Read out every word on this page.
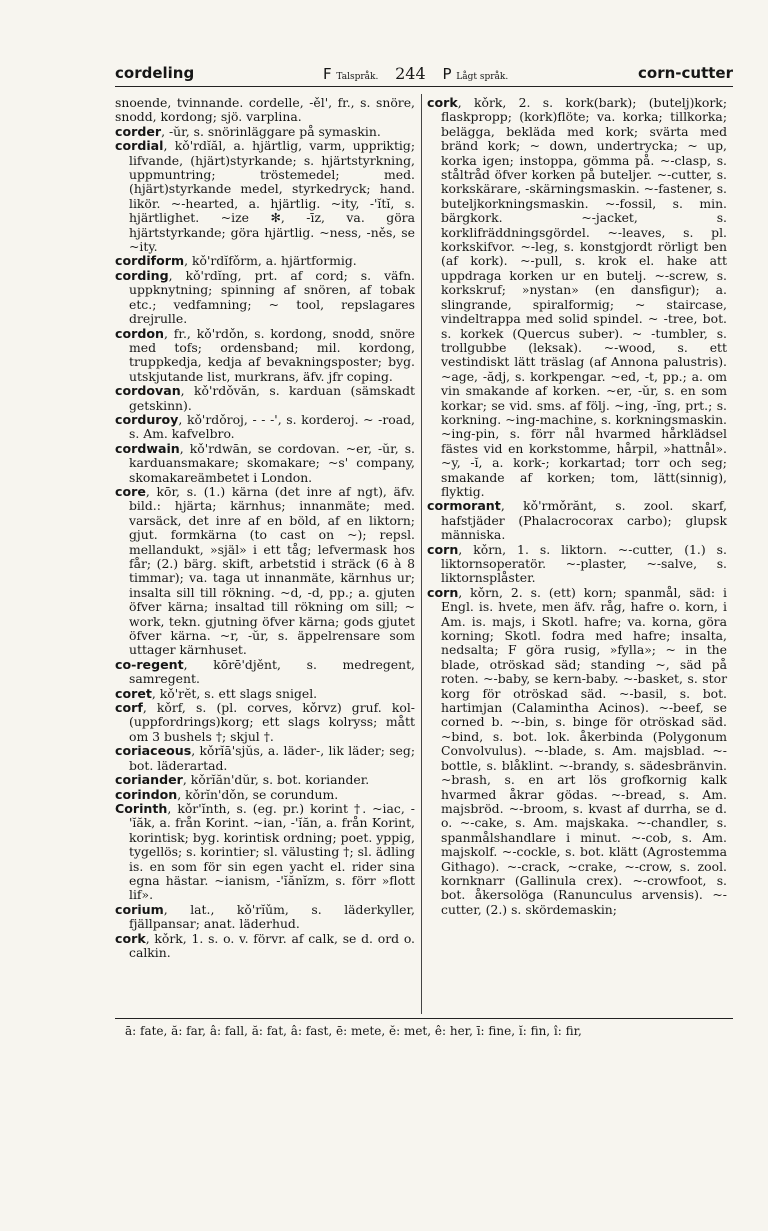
cordeling	F Talspråk. 244 P Lågt språk.	corn-cutter

snoende, tvinnande. cordelle, -ěl', fr., s. snöre, snodd, kordong; sjö. varplina.

corder, -ŭr, s. snörinläggare på symaskin.

cordial, kǒ'rdĭăl, a. hjärtlig, varm, uppriktig; lifvande, (hjärt)styrkande; s. hjärtstyrkning, uppmuntring; tröstemedel; med. (hjärt)styrkande medel, styrkedryck; hand. likör. ~-hearted, a. hjärtlig. ~ity, -'ĭtĭ, s. hjärtlighet. ~ize ✻, -īz, va. göra hjärtstyrkande; göra hjärtlig. ~ness, -něs, se ~ity.

cordiform, kǒ'rdĭfǒrm, a. hjärtformig.

cording, kǒ'rdĭng, prt. af cord; s. väfn. uppknytning; spinning af snören, af tobak etc.; vedfamning; ~ tool, repslagares drejrulle.

cordon, fr., kǒ'rdǒn, s. kordong, snodd, snöre med tofs; ordensband; mil. kordong, truppkedja, kedja af bevakningsposter; byg. utskjutande list, murkrans, äfv. jfr coping.

cordovan, kǒ'rdǒvăn, s. karduan (sämskadt getskinn).

corduroy, kǒ'rdǒroj, - - -', s. korderoj. ~ -road, s. Am. kafvelbro.

cordwain, kǒ'rdwān, se cordovan. ~er, -ŭr, s. karduansmakare; skomakare; ~s' company, skomakareämbetet i London.

core, kōr, s. (1.) kärna (det inre af ngt), äfv. bild.: hjärta; kärnhus; innanmäte; med. varsäck, det inre af en böld, af en liktorn; gjut. formkärna (to cast on ~); repsl. mellandukt, »själ» i ett tåg; lefvermask hos får; (2.) bärg. skift, arbetstid i sträck (6 à 8 timmar); va. taga ut innanmäte, kärnhus ur; insalta sill till rökning. ~d, -d, pp.; a. gjuten öfver kärna; insaltad till rökning om sill; ~ work, tekn. gjutning öfver kärna; gods gjutet öfver kärna. ~r, -ŭr, s. äppelrensare som uttager kärnhuset.

co-regent, kōrē'djěnt, s. medregent, samregent.

coret, kǒ'rĕt, s. ett slags snigel.

corf, kǒrf, s. (pl. corves, kǒrvz) gruf. kol- (uppfordrings)korg; ett slags kolryss; mått om 3 bushels †; skjul †.

coriaceous, kǒrĭā'sjŭs, a. läder-, lik läder; seg; bot. läderartad.

coriander, kǒrĭăn'dŭr, s. bot. koriander.

corindon, kǒrĭn'dǒn, se corundum.

Corinth, kǒr'ĭnth, s. (eg. pr.) korint †. ~iac, -'ĭăk, a. från Korint. ~ian, -'ĭăn, a. från Korint, korintisk; byg. korintisk ordning; poet. yppig, tygellös; s. korintier; sl. välusting †; sl. ädling is. en som för sin egen yacht el. rider sina egna hästar. ~ianism, -'ĭănĭzm, s. förr »flott lif».

corium, lat., kǒ'rĭǔm, s. läderkyller, fjällpansar; anat. läderhud.

cork, kǒrk, 1. s. o. v. förvr. af calk, se d. ord o. calkin.

cork, kǒrk, 2. s. kork(bark); (butelj)kork; flaskpropp; (kork)flöte; va. korka; tillkorka; belägga, beklädа med kork; svärta med bränd kork; ~ down, undertrycka; ~ up, korka igen; instoppa, gömma på. ~-clasp, s. ståltråd öfver korken på buteljer. ~-cutter, s. korkskärare, -skärningsmaskin. ~-fastener, s. buteljkorkningsmaskin. ~-fossil, s. min. bärgkork. ~-jacket, s. korklifräddningsgördel. ~-leaves, s. pl. korkskifvor. ~-leg, s. konstgjordt rörligt ben (af kork). ~-pull, s. krok el. hake att uppdraga korken ur en butelj. ~-screw, s. korkskruf; »nystan» (en dansfigur); a. slingrande, spiralformig; ~ staircase, vindeltrappa med solid spindel. ~ -tree, bot. s. korkek (Quercus suber). ~ -tumbler, s. trollgubbe (leksak). ~-wood, s. ett vestindiskt lätt träslag (af Annona palustris). ~age, -ădj, s. korkpengar. ~ed, -t, pp.; a. om vin smakande af korken. ~er, -ŭr, s. en som korkar; se vid. sms. af följ. ~ing, -ĭng, prt.; s. korkning. ~ing-machine, s. korkningsmaskin. ~ing-pin, s. förr nål hvarmed hårklädsel fästes vid en korkstomme, hårpil, »hattnål». ~y, -ĭ, a. kork-; korkartad; torr och seg; smakande af korken; tom, lätt(sinnig), flyktig.

cormorant, kǒ'rmǒrănt, s. zool. skarf, hafstjäder (Phalacrocorax carbo); glupsk människa.

corn, kǒrn, 1. s. liktorn. ~-cutter, (1.) s. liktornsoperatör. ~-plaster, ~-salve, s. liktornsplåster.

corn, kǒrn, 2. s. (ett) korn; spanmål, säd: i Engl. is. hvete, men äfv. råg, hafre o. korn, i Am. is. majs, i Skotl. hafre; va. korna, göra korning; Skotl. fodra med hafre; insalta, nedsalta; F göra rusig, »fylla»; ~ in the blade, otröskad säd; standing ~, säd på roten. ~-baby, se kern-baby. ~-basket, s. stor korg för otröskad säd. ~-basil, s. bot. hartimjan (Calamintha Acinos). ~-beef, se corned b. ~-bin, s. binge för otröskad säd. ~bind, s. bot. lok. åkerbinda (Polygonum Convolvulus). ~-blade, s. Am. majsblad. ~-bottle, s. blåklint. ~-brandy, s. sädesbränvin. ~brash, s. en art lös grofkornig kalk hvarmed åkrar gödas. ~-bread, s. Am. majsbröd. ~-broom, s. kvast af durrha, se d. o. ~-cake, s. Am. majskaka. ~-chandler, s. spanmålshandlare i minut. ~-cob, s. Am. majskolf. ~-cockle, s. bot. klätt (Agrostemma Githago). ~-crack, ~crake, ~-crow, s. zool. kornknarr (Gallinula crex). ~-crowfoot, s. bot. åkersolöga (Ranunculus arvensis). ~-cutter, (2.) s. skördemaskin;

ā: fate, ă: far, â: fall, ă: fat, â: fast, ē: mete, ĕ: met, ê: her, ī: fine, ĭ: fin, î: fir,
